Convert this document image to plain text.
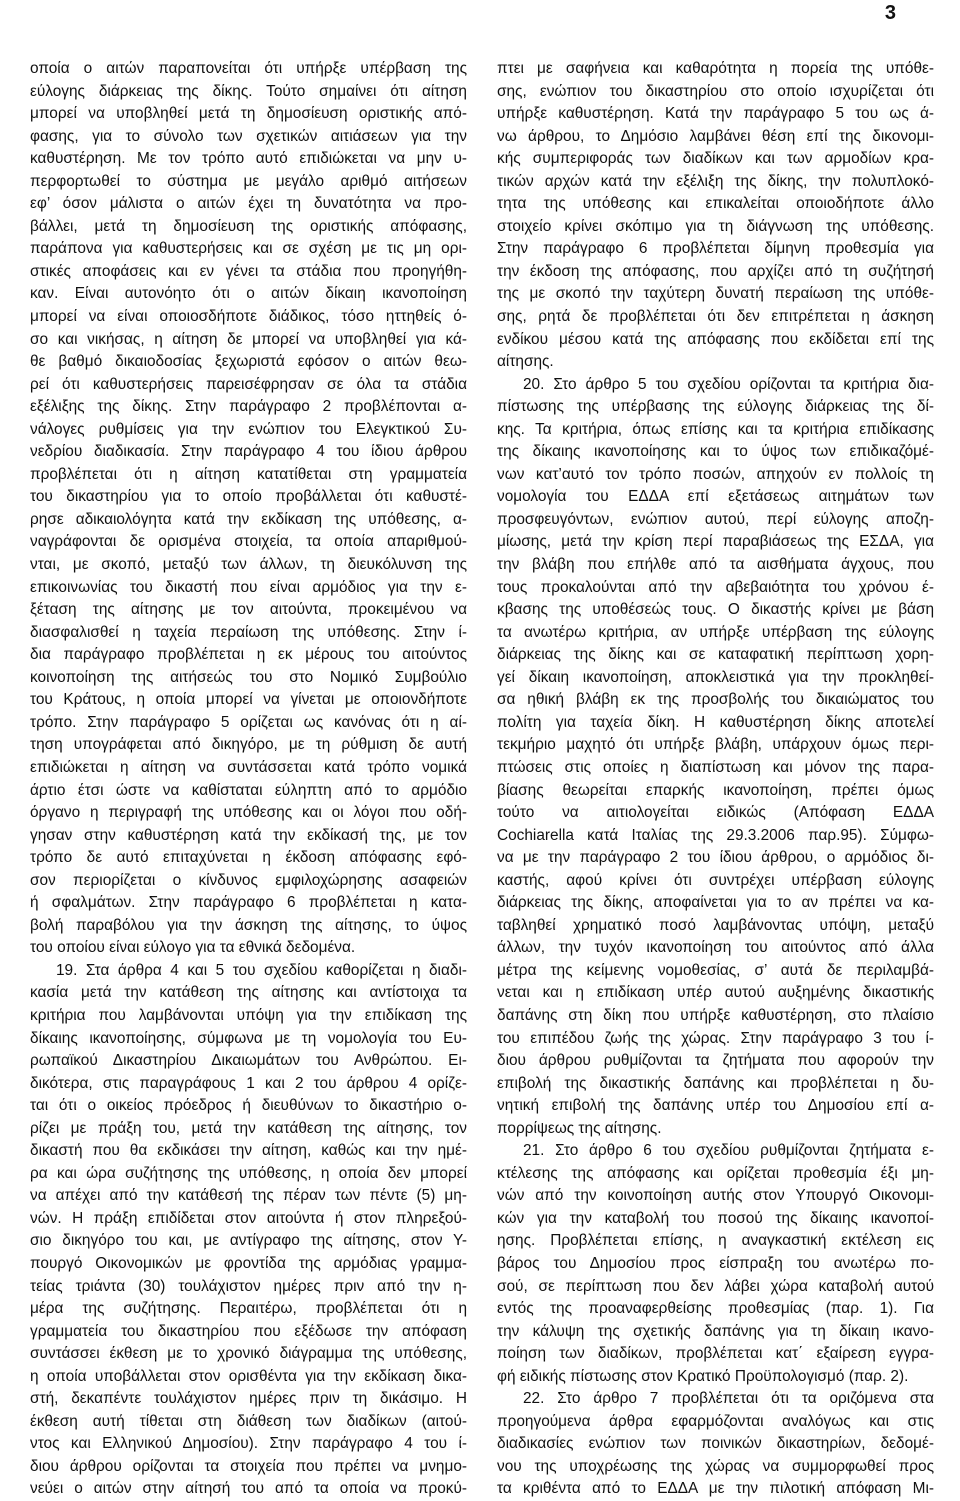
3
οποία ο αιτών παραπονείται ότι υπήρξε υπέρβαση της
εύλογης διάρκειας της δίκης. Τούτο σημαίνει ότι αίτηση
μπορεί να υποβληθεί μετά τη δημοσίευση οριστικής από-
φασης, για το σύνολο των σχετικών αιτιάσεων για την
καθυστέρηση. Με τον τρόπο αυτό επιδιώκεται να μην υ-
περφορτωθεί το σύστημα με μεγάλο αριθμό αιτήσεων
εφ’ όσον μάλιστα ο αιτών έχει τη δυνατότητα να προ-
βάλλει, μετά τη δημοσίευση της οριστικής απόφασης,
παράπονα για καθυστερήσεις και σε σχέση με τις μη ορι-
στικές αποφάσεις και εν γένει τα στάδια που προηγήθη-
καν. Είναι αυτονόητο ότι ο αιτών δίκαιη ικανοποίηση
μπορεί να είναι οποιοσδήποτε διάδικος, τόσο ηττηθείς ό-
σο και νικήσας, η αίτηση δε μπορεί να υποβληθεί για κά-
θε βαθμό δικαιοδοσίας ξεχωριστά εφόσον ο αιτών θεω-
ρεί ότι καθυστερήσεις παρεισέφρησαν σε όλα τα στάδια
εξέλιξης της δίκης. Στην παράγραφο 2 προβλέπονται α-
νάλογες ρυθμίσεις για την ενώπιον του Ελεγκτικού Συ-
νεδρίου διαδικασία. Στην παράγραφο 4 του ίδιου άρθρου
προβλέπεται ότι η αίτηση κατατίθεται στη γραμματεία
του δικαστηρίου για το οποίο προβάλλεται ότι καθυστέ-
ρησε αδικαιολόγητα κατά την εκδίκαση της υπόθεσης, α-
ναγράφονται δε ορισμένα στοιχεία, τα οποία απαριθμού-
νται, με σκοπό, μεταξύ των άλλων, τη διευκόλυνση της
επικοινωνίας του δικαστή που είναι αρμόδιος για την ε-
ξέταση της αίτησης με τον αιτούντα, προκειμένου να
διασφαλισθεί η ταχεία περαίωση της υπόθεσης. Στην ί-
δια παράγραφο προβλέπεται η εκ μέρους του αιτούντος
κοινοποίηση της αιτήσεώς του στο Νομικό Συμβούλιο
του Κράτους, η οποία μπορεί να γίνεται με οποιονδήποτε
τρόπο. Στην παράγραφο 5 ορίζεται ως κανόνας ότι η αί-
τηση υπογράφεται από δικηγόρο, με τη ρύθμιση δε αυτή
επιδιώκεται η αίτηση να συντάσσεται κατά τρόπο νομικά
άρτιο έτσι ώστε να καθίσταται εύληπτη από το αρμόδιο
όργανο η περιγραφή της υπόθεσης και οι λόγοι που οδή-
γησαν στην καθυστέρηση κατά την εκδίκασή της, με τον
τρόπο δε αυτό επιταχύνεται η έκδοση απόφασης εφό-
σον περιορίζεται ο κίνδυνος εμφιλοχώρησης ασαφειών
ή σφαλμάτων. Στην παράγραφο 6 προβλέπεται η κατα-
βολή παραβόλου για την άσκηση της αίτησης, το ύψος
του οποίου είναι εύλογο για τα εθνικά δεδομένα.
19. Στα άρθρα 4 και 5 του σχεδίου καθορίζεται η διαδι-
κασία μετά την κατάθεση της αίτησης και αντίστοιχα τα
κριτήρια που λαμβάνονται υπόψη για την επιδίκαση της
δίκαιης ικανοποίησης, σύμφωνα με τη νομολογία του Ευ-
ρωπαϊκού Δικαστηρίου Δικαιωμάτων του Ανθρώπου. Ει-
δικότερα, στις παραγράφους 1 και 2 του άρθρου 4 ορίζε-
ται ότι ο οικείος πρόεδρος ή διευθύνων το δικαστήριο ο-
ρίζει με πράξη του, μετά την κατάθεση της αίτησης, τον
δικαστή που θα εκδικάσει την αίτηση, καθώς και την ημέ-
ρα και ώρα συζήτησης της υπόθεσης, η οποία δεν μπορεί
να απέχει από την κατάθεσή της πέραν των πέντε (5) μη-
νών. Η πράξη επιδίδεται στον αιτούντα ή στον πληρεξού-
σιο δικηγόρο του και, με αντίγραφο της αίτησης, στον Υ-
πουργό Οικονομικών με φροντίδα της αρμόδιας γραμμα-
τείας τριάντα (30) τουλάχιστον ημέρες πριν από την η-
μέρα της συζήτησης. Περαιτέρω, προβλέπεται ότι η
γραμματεία του δικαστηρίου που εξέδωσε την απόφαση
συντάσσει έκθεση με το χρονικό διάγραμμα της υπόθεσης,
η οποία υποβάλλεται στον ορισθέντα για την εκδίκαση δικα-
στή, δεκαπέντε τουλάχιστον ημέρες πριν τη δικάσιμο. Η
έκθεση αυτή τίθεται στη διάθεση των διαδίκων (αιτού-
ντος και Ελληνικού Δημοσίου). Στην παράγραφο 4 του ί-
διου άρθρου ορίζονται τα στοιχεία που πρέπει να μνημο-
νεύει ο αιτών στην αίτησή του από τα οποία να προκύ-
πτει με σαφήνεια και καθαρότητα η πορεία της υπόθε-
σης, ενώπιον του δικαστηρίου στο οποίο ισχυρίζεται ότι
υπήρξε καθυστέρηση. Κατά την παράγραφο 5 του ως ά-
νω άρθρου, το Δημόσιο λαμβάνει θέση επί της δικονομι-
κής συμπεριφοράς των διαδίκων και των αρμοδίων κρα-
τικών αρχών κατά την εξέλιξη της δίκης, την πολυπλοκό-
τητα της υπόθεσης και επικαλείται οποιοδήποτε άλλο
στοιχείο κρίνει σκόπιμο για τη διάγνωση της υπόθεσης.
Στην παράγραφο 6 προβλέπεται δίμηνη προθεσμία για
την έκδοση της απόφασης, που αρχίζει από τη συζήτησή
της με σκοπό την ταχύτερη δυνατή περαίωση της υπόθε-
σης, ρητά δε προβλέπεται ότι δεν επιτρέπεται η άσκηση
ενδίκου μέσου κατά της απόφασης που εκδίδεται επί της
αίτησης.
20. Στο άρθρο 5 του σχεδίου ορίζονται τα κριτήρια δια-
πίστωσης της υπέρβασης της εύλογης διάρκειας της δί-
κης. Τα κριτήρια, όπως επίσης και τα κριτήρια επιδίκασης
της δίκαιης ικανοποίησης και το ύψος των επιδικαζόμέ-
νων κατ’αυτό τον τρόπο ποσών, απηχούν εν πολλοίς τη
νομολογία του ΕΔΔΑ επί εξετάσεως αιτημάτων των
προσφευγόντων, ενώπιον αυτού, περί εύλογης αποζη-
μίωσης, μετά την κρίση περί παραβιάσεως της ΕΣΔΑ, για
την βλάβη που επήλθε από τα αισθήματα άγχους, που
τους προκαλούνται από την αβεβαιότητα του χρόνου έ-
κβασης της υποθέσεώς τους. Ο δικαστής κρίνει με βάση
τα ανωτέρω κριτήρια, αν υπήρξε υπέρβαση της εύλογης
διάρκειας της δίκης και σε καταφατική περίπτωση χορη-
γεί δίκαιη ικανοποίηση, αποκλειστικά για την προκληθεί-
σα ηθική βλάβη εκ της προσβολής του δικαιώματος του
πολίτη για ταχεία δίκη. Η καθυστέρηση δίκης αποτελεί
τεκμήριο μαχητό ότι υπήρξε βλάβη, υπάρχουν όμως περι-
πτώσεις στις οποίες η διαπίστωση και μόνον της παρα-
βίασης θεωρείται επαρκής ικανοποίηση, πρέπει όμως
τούτο να αιτιολογείται ειδικώς (Απόφαση ΕΔΔΑ
Cochiarella κατά Ιταλίας της 29.3.2006 παρ.95). Σύμφω-
να με την παράγραφο 2 του ίδιου άρθρου, ο αρμόδιος δι-
καστής, αφού κρίνει ότι συντρέχει υπέρβαση εύλογης
διάρκειας της δίκης, αποφαίνεται για το αν πρέπει να κα-
ταβληθεί χρηματικό ποσό λαμβάνοντας υπόψη, μεταξύ
άλλων, την τυχόν ικανοποίηση του αιτούντος από άλλα
μέτρα της κείμενης νομοθεσίας, σ’ αυτά δε περιλαμβά-
νεται και η επιδίκαση υπέρ αυτού αυξημένης δικαστικής
δαπάνης στη δίκη που υπήρξε καθυστέρηση, στο πλαίσιο
του επιπέδου ζωής της χώρας. Στην παράγραφο 3 του ί-
διου άρθρου ρυθμίζονται τα ζητήματα που αφορούν την
επιβολή της δικαστικής δαπάνης και προβλέπεται η δυ-
νητική επιβολή της δαπάνης υπέρ του Δημοσίου επί α-
πορρίψεως της αίτησης.
21. Στο άρθρο 6 του σχεδίου ρυθμίζονται ζητήματα ε-
κτέλεσης της απόφασης και ορίζεται προθεσμία έξι μη-
νών από την κοινοποίηση αυτής στον Υπουργό Οικονομι-
κών για την καταβολή του ποσού της δίκαιης ικανοποί-
ησης. Προβλέπεται επίσης, η αναγκαστική εκτέλεση εις
βάρος του Δημοσίου προς είσπραξη του ανωτέρω πο-
σού, σε περίπτωση που δεν λάβει χώρα καταβολή αυτού
εντός της προαναφερθείσης προθεσμίας (παρ. 1). Για
την κάλυψη της σχετικής δαπάνης για τη δίκαιη ικανο-
ποίηση των διαδίκων, προβλέπεται κατ΄ εξαίρεση εγγρα-
φή ειδικής πίστωσης στον Κρατικό Προϋπολογισμό (παρ. 2).
22. Στο άρθρο 7 προβλέπεται ότι τα οριζόμενα στα
προηγούμενα άρθρα εφαρμόζονται αναλόγως και στις
διαδικασίες ενώπιον των ποινικών δικαστηρίων, δεδομέ-
νου της υποχρέωσης της χώρας να συμμορφωθεί προς
τα κριθέντα από το ΕΔΔΑ με την πιλοτική απόφαση Mι-
